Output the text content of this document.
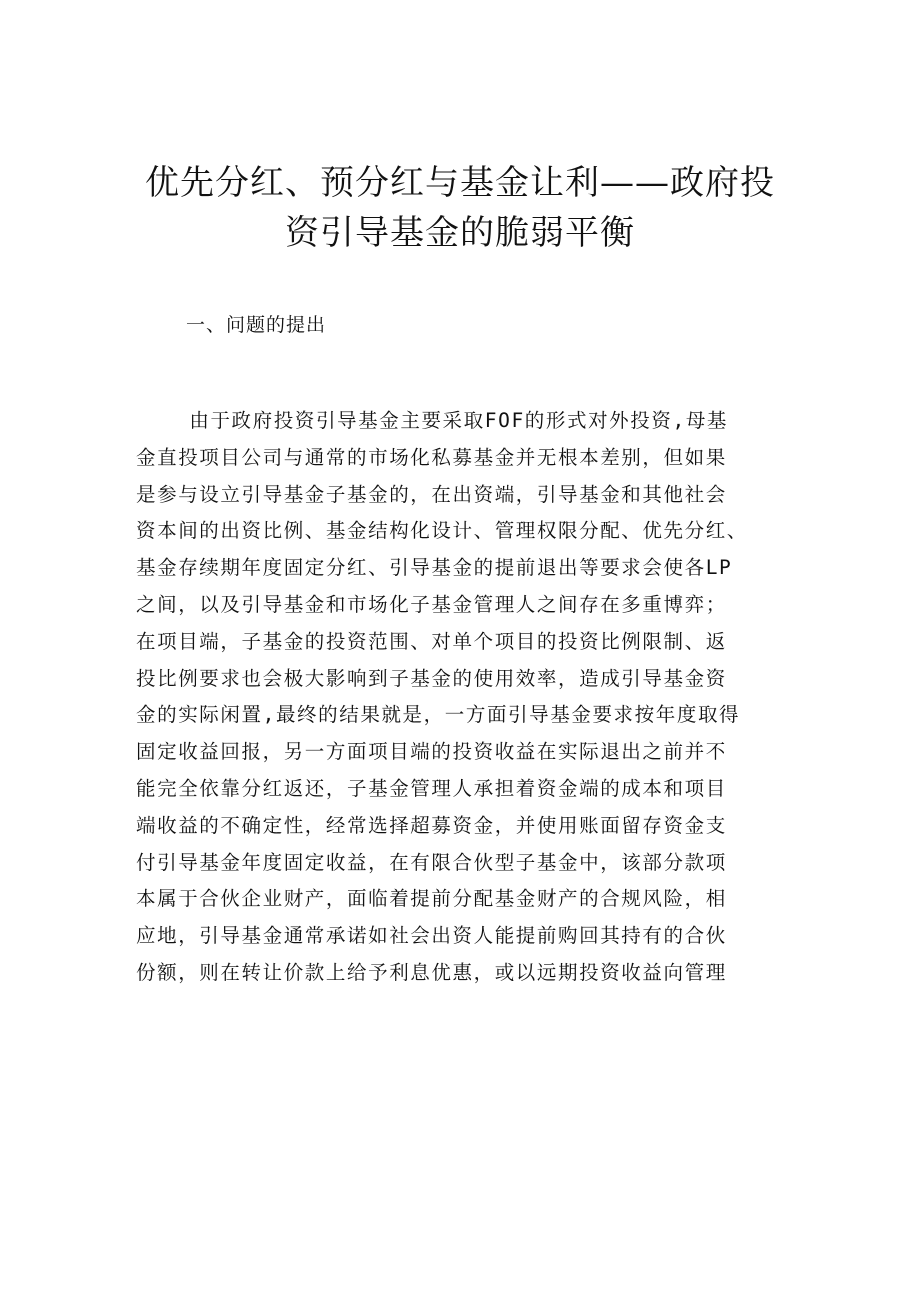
优先分红、预分红与基金让利——政府投
资引导基金的脆弱平衡
一、问题的提出
由于政府投资引导基金主要采取FOF的形式对外投资,母基
金直投项目公司与通常的市场化私募基金并无根本差别，但如果
是参与设立引导基金子基金的，在出资端，引导基金和其他社会
资本间的出资比例、基金结构化设计、管理权限分配、优先分红、
基金存续期年度固定分红、引导基金的提前退出等要求会使各LP
之间，以及引导基金和市场化子基金管理人之间存在多重博弈；
在项目端，子基金的投资范围、对单个项目的投资比例限制、返
投比例要求也会极大影响到子基金的使用效率，造成引导基金资
金的实际闲置,最终的结果就是，一方面引导基金要求按年度取得
固定收益回报，另一方面项目端的投资收益在实际退出之前并不
能完全依靠分红返还，子基金管理人承担着资金端的成本和项目
端收益的不确定性，经常选择超募资金，并使用账面留存资金支
付引导基金年度固定收益，在有限合伙型子基金中，该部分款项
本属于合伙企业财产，面临着提前分配基金财产的合规风险，相
应地，引导基金通常承诺如社会出资人能提前购回其持有的合伙
份额，则在转让价款上给予利息优惠，或以远期投资收益向管理
